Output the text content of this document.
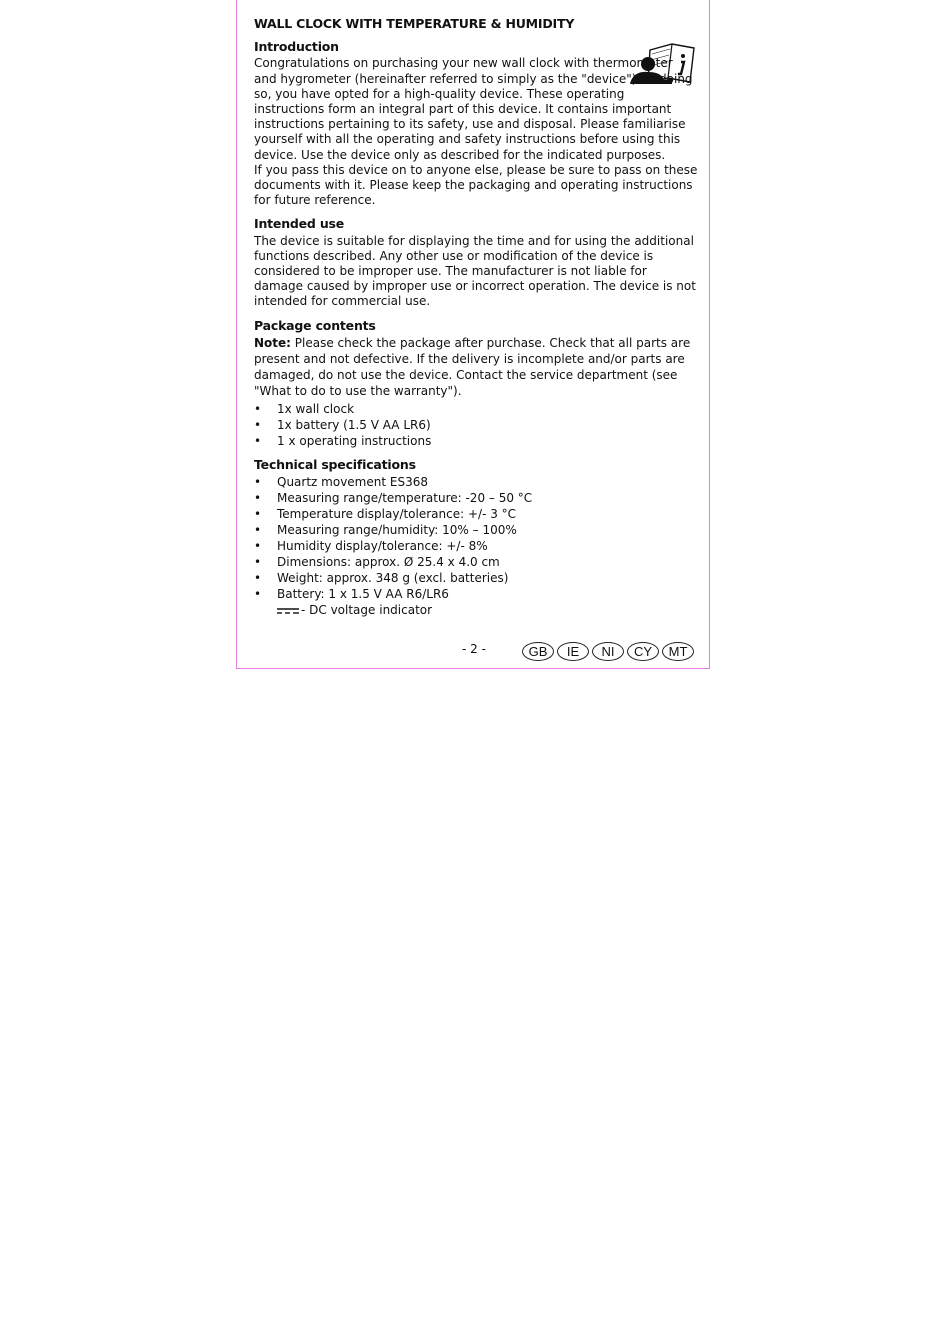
WALL CLOCK WITH TEMPERATURE & HUMIDITY
Introduction

Congratulations on purchasing your new wall clock with thermometer and hygrometer (hereinafter referred to simply as the "device"). In doing so, you have opted for a high-quality device. These operating instructions form an integral part of this device. It contains important instructions pertaining to its safety, use and disposal. Please familiarise yourself with all the operating and safety instructions before using this device. Use the device only as described for the indicated purposes.

If you pass this device on to anyone else, please be sure to pass on these documents with it. Please keep the packaging and operating instructions for future reference.

Intended use

The device is suitable for displaying the time and for using the additional functions described. Any other use or modification of the device is considered to be improper use. The manufacturer is not liable for damage caused by improper use or incorrect operation. The device is not intended for commercial use.

Package contents

Note: Please check the package after purchase. Check that all parts are present and not defective. If the delivery is incomplete and/or parts are damaged, do not use the device. Contact the service department (see "What to do to use the warranty").

• 1x wall clock
• 1x battery (1.5 V AA LR6)
• 1 x operating instructions
Technical specifications
• Quartz movement ES368
• Measuring range/temperature: -20 – 50 °C
• Temperature display/tolerance: +/- 3 °C
• Measuring range/humidity: 10% – 100%
• Humidity display/tolerance: +/- 8%
• Dimensions: approx. Ø 25.4 x 4.0 cm
• Weight: approx. 348 g (excl. batteries)
• Battery: 1 x 1.5 V AA R6/LR6
- DC voltage indicator
- 2 -	GB	IE	NI	CY	MT
